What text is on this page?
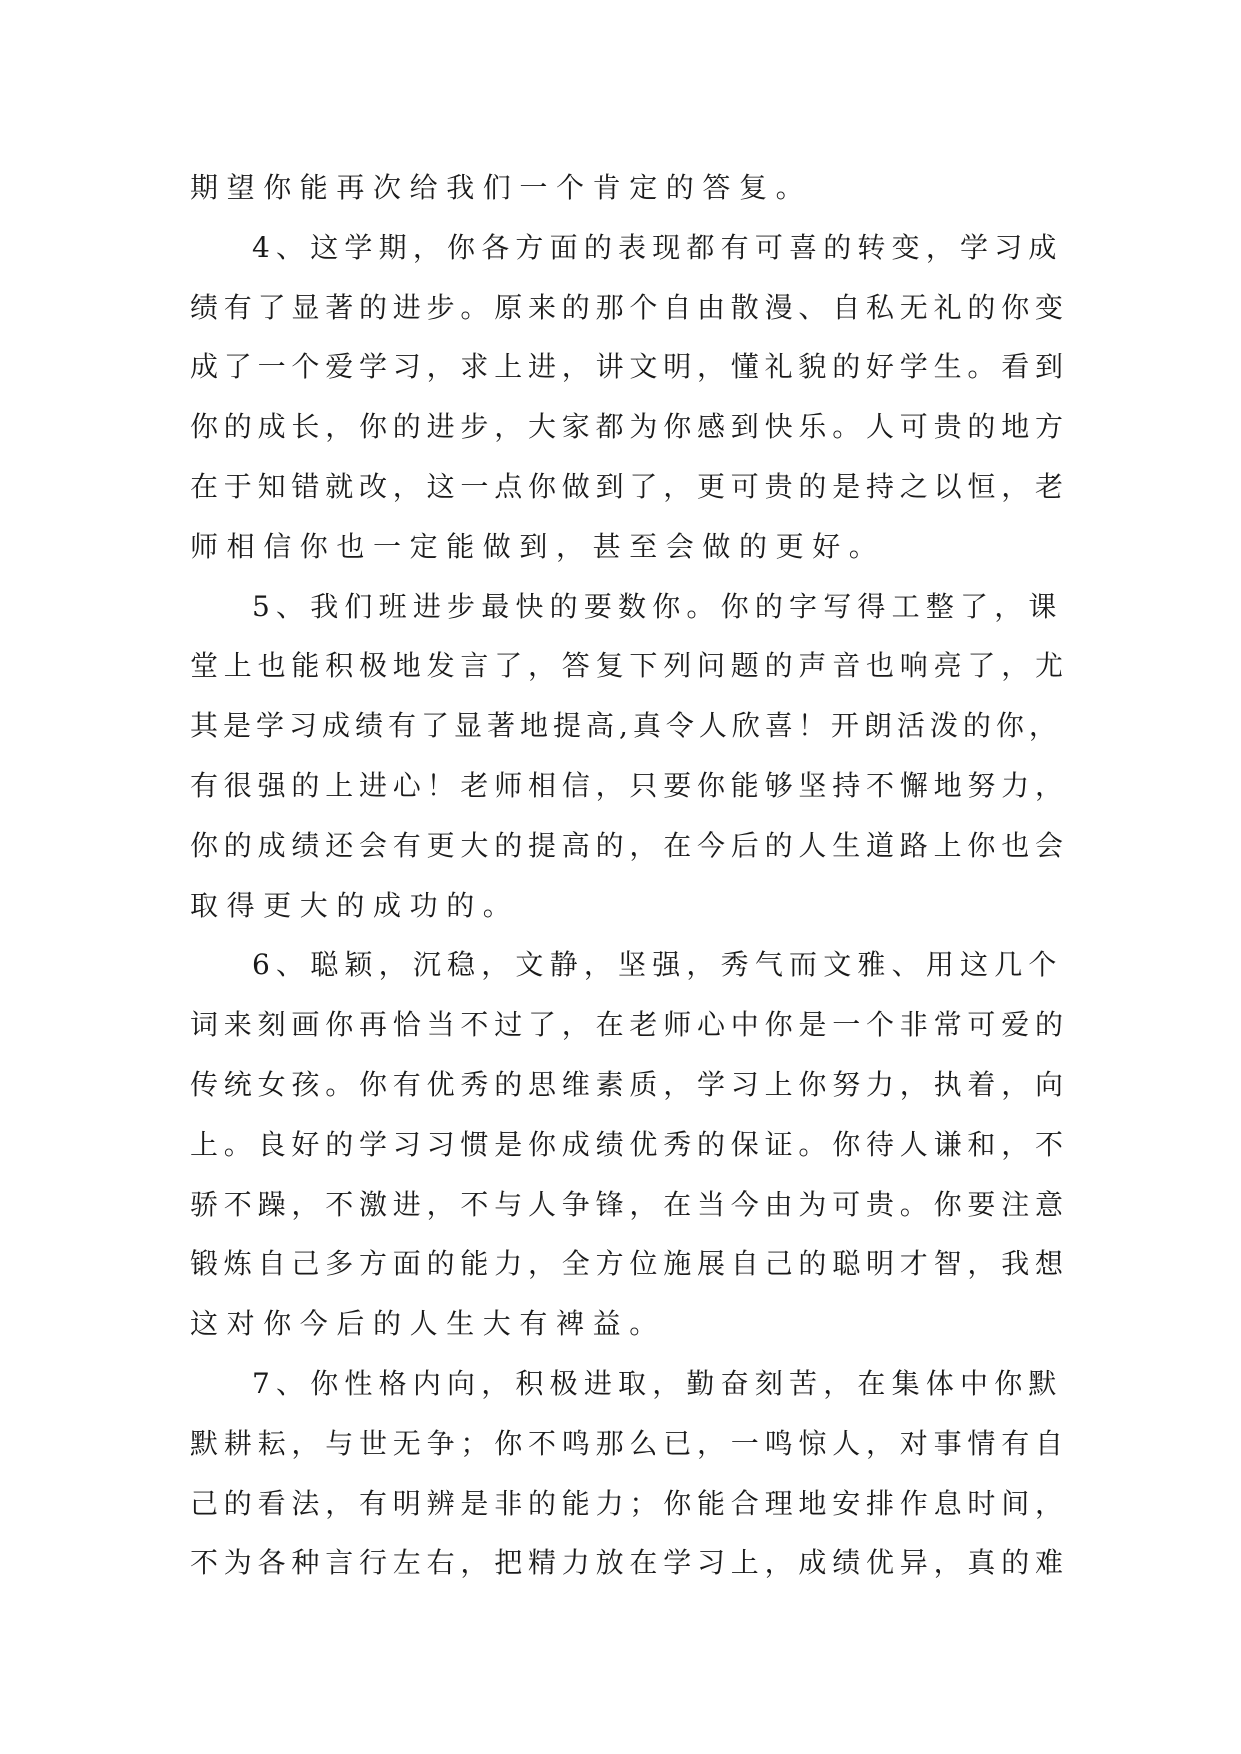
期望你能再次给我们一个肯定的答复。
4、这学期，你各方面的表现都有可喜的转变，学习成
绩有了显著的进步。原来的那个自由散漫、自私无礼的你变
成了一个爱学习，求上进，讲文明，懂礼貌的好学生。看到
你的成长，你的进步，大家都为你感到快乐。人可贵的地方
在于知错就改，这一点你做到了，更可贵的是持之以恒，老
师相信你也一定能做到，甚至会做的更好。
5、我们班进步最快的要数你。你的字写得工整了，课
堂上也能积极地发言了，答复下列问题的声音也响亮了，尤
其是学习成绩有了显著地提高,真令人欣喜！开朗活泼的你，
有很强的上进心！老师相信，只要你能够坚持不懈地努力，
你的成绩还会有更大的提高的，在今后的人生道路上你也会
取得更大的成功的。
6、聪颖，沉稳，文静，坚强，秀气而文雅、用这几个
词来刻画你再恰当不过了，在老师心中你是一个非常可爱的
传统女孩。你有优秀的思维素质，学习上你努力，执着，向
上。良好的学习习惯是你成绩优秀的保证。你待人谦和，不
骄不躁，不激进，不与人争锋，在当今由为可贵。你要注意
锻炼自己多方面的能力，全方位施展自己的聪明才智，我想
这对你今后的人生大有裨益。
7、你性格内向，积极进取，勤奋刻苦，在集体中你默
默耕耘，与世无争；你不鸣那么已，一鸣惊人，对事情有自
己的看法，有明辨是非的能力；你能合理地安排作息时间，
不为各种言行左右，把精力放在学习上，成绩优异，真的难
